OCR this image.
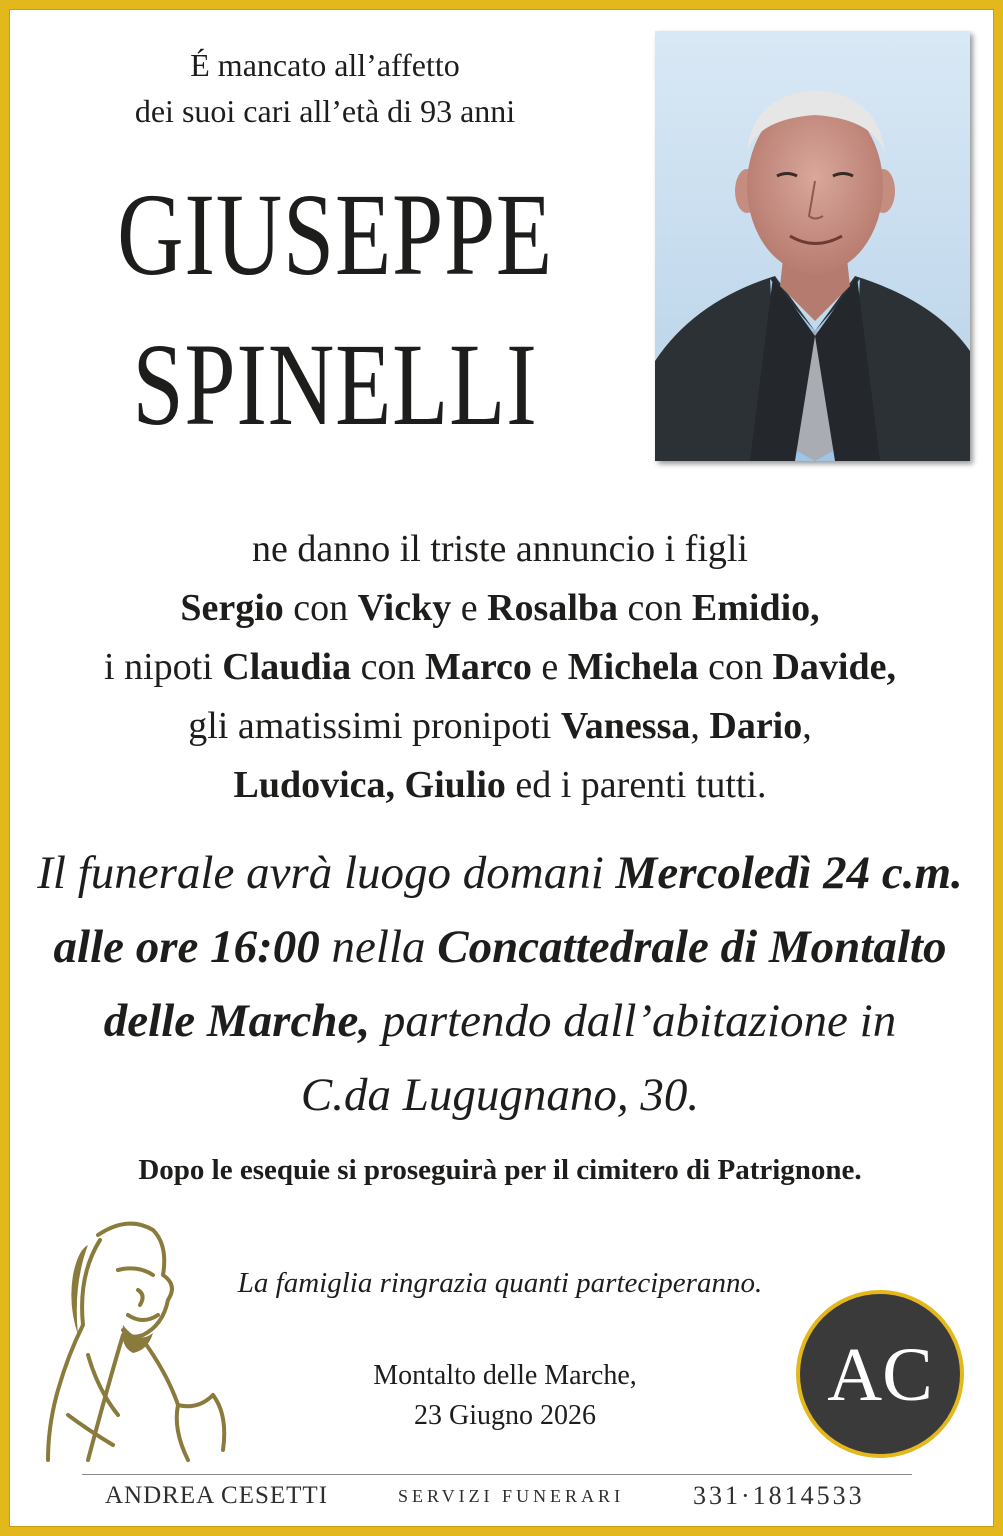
É mancato all’affetto
dei suoi cari all’età di 93 anni
GIUSEPPE
SPINELLI
ne danno il triste annuncio i figli
Sergio con Vicky e Rosalba con Emidio,
i nipoti Claudia con Marco e Michela con Davide,
gli amatissimi pronipoti Vanessa, Dario,
Ludovica, Giulio ed i parenti tutti.
Il funerale avrà luogo domani Mercoledì 24 c.m.
alle ore 16:00 nella Concattedrale di Montalto
delle Marche, partendo dall’abitazione in
C.da Lugugnano, 30.
Dopo le esequie si proseguirà per il cimitero di Patrignone.
La famiglia ringrazia quanti parteciperanno.
Montalto delle Marche,
23 Giugno 2026	AC
ANDREA CESETTI	SERVIZI FUNERARI	331·1814533
